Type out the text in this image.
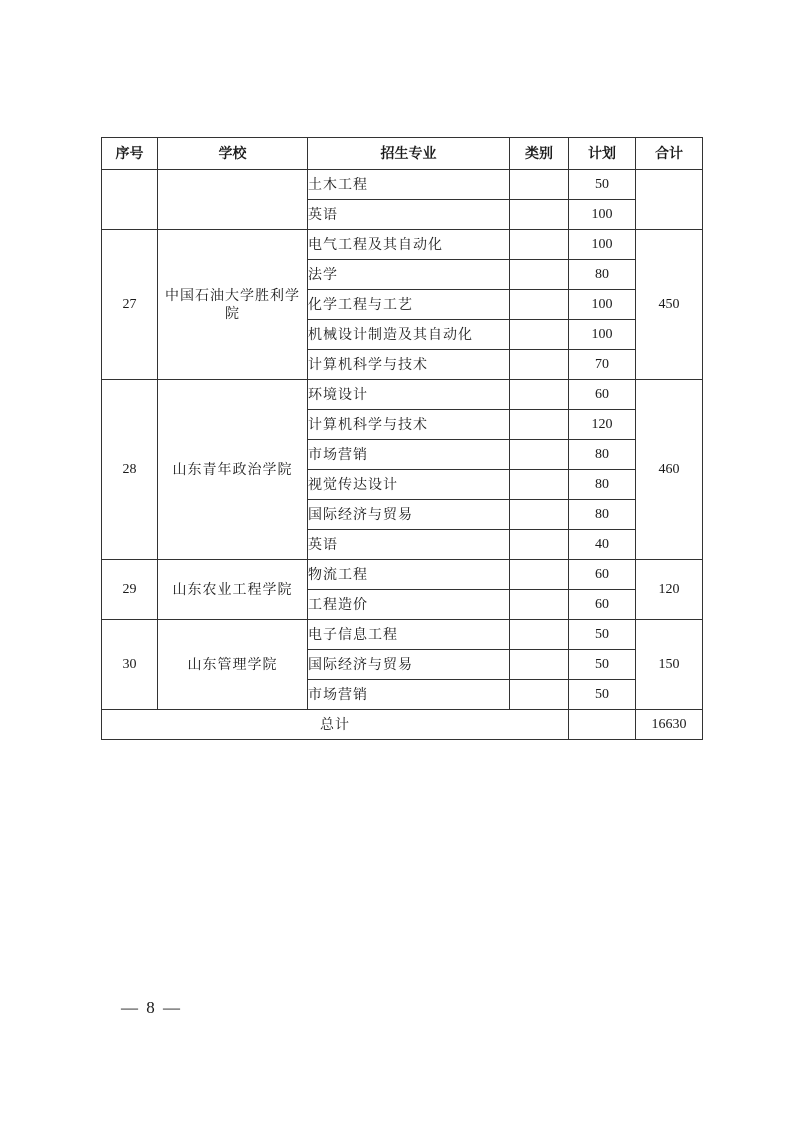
序号	学校	招生专业	类别	计划	合计
		土木工程		50	
		英语		100	
27	中国石油大学胜利学院	电气工程及其自动化		100	450
		法学		80	
		化学工程与工艺		100	
		机械设计制造及其自动化		100	
		计算机科学与技术		70	
28	山东青年政治学院	环境设计		60	460
		计算机科学与技术		120	
		市场营销		80	
		视觉传达设计		80	
		国际经济与贸易		80	
		英语		40	
29	山东农业工程学院	物流工程		60	120
		工程造价		60	
30	山东管理学院	电子信息工程		50	150
		国际经济与贸易		50	
		市场营销		50	
总计					16630
— 8 —
